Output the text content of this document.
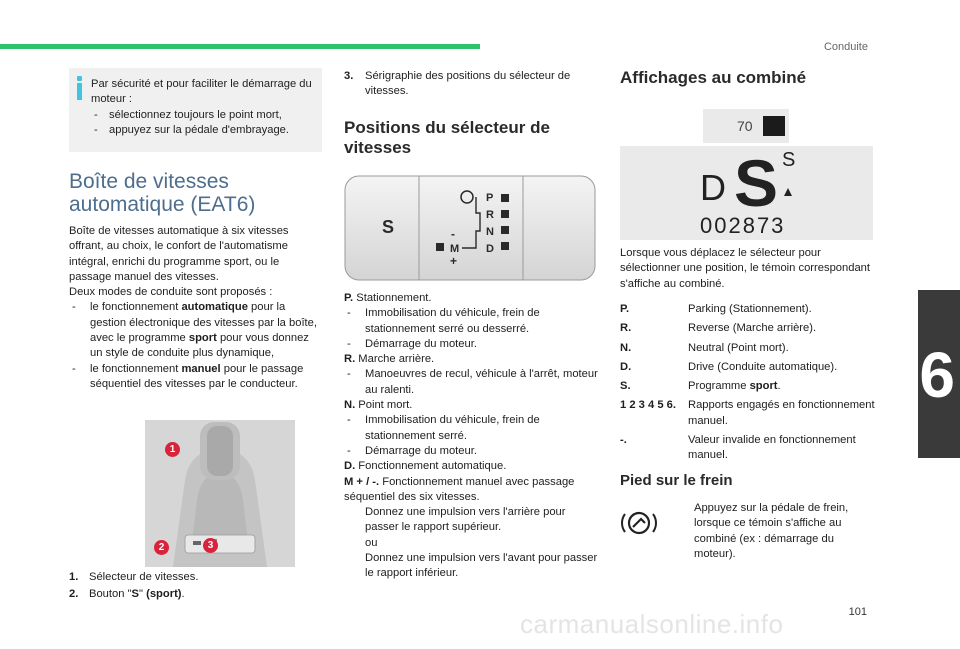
Conduite
6
101
carmanualsonline.info
Par sécurité et pour faciliter le démarrage du moteur :
- sélectionnez toujours le point mort,
- appuyez sur la pédale d'embrayage.
Boîte de vitesses automatique (EAT6)
Boîte de vitesses automatique à six vitesses offrant, au choix, le confort de l'automatisme intégral, enrichi du programme sport, ou le passage manuel des vitesses.
Deux modes de conduite sont proposés :
- le fonctionnement automatique pour la gestion électronique des vitesses par la boîte, avec le programme sport pour vous donnez un style de conduite plus dynamique,
- le fonctionnement manuel pour le passage séquentiel des vitesses par le conducteur.
1
2	3
1. Sélecteur de vitesses.
2. Bouton "S" (sport).
3. Sérigraphie des positions du sélecteur de vitesses.
Positions du sélecteur de vitesses
S
P
R
N
D
M
-
+
P. Stationnement.
- Immobilisation du véhicule, frein de stationnement serré ou desserré.
- Démarrage du moteur.
R. Marche arrière.
- Manoeuvres de recul, véhicule à l'arrêt, moteur au ralenti.
N. Point mort.
- Immobilisation du véhicule, frein de stationnement serré.
- Démarrage du moteur.
D. Fonctionnement automatique.
M + / -. Fonctionnement manuel avec passage séquentiel des six vitesses.
Donnez une impulsion vers l'arrière pour passer le rapport supérieur.
ou
Donnez une impulsion vers l'avant pour passer le rapport inférieur.
Affichages au combiné
70
D S S
002873
Lorsque vous déplacez le sélecteur pour sélectionner une position, le témoin correspondant s'affiche au combiné.
P.	Parking (Stationnement).
R.	Reverse (Marche arrière).
N.	Neutral (Point mort).
D.	Drive (Conduite automatique).
S.	Programme sport.
1 2 3 4 5 6. Rapports engagés en fonctionnement manuel.
-.	Valeur invalide en fonctionnement manuel.
Pied sur le frein
Appuyez sur la pédale de frein, lorsque ce témoin s'affiche au combiné (ex : démarrage du moteur).
